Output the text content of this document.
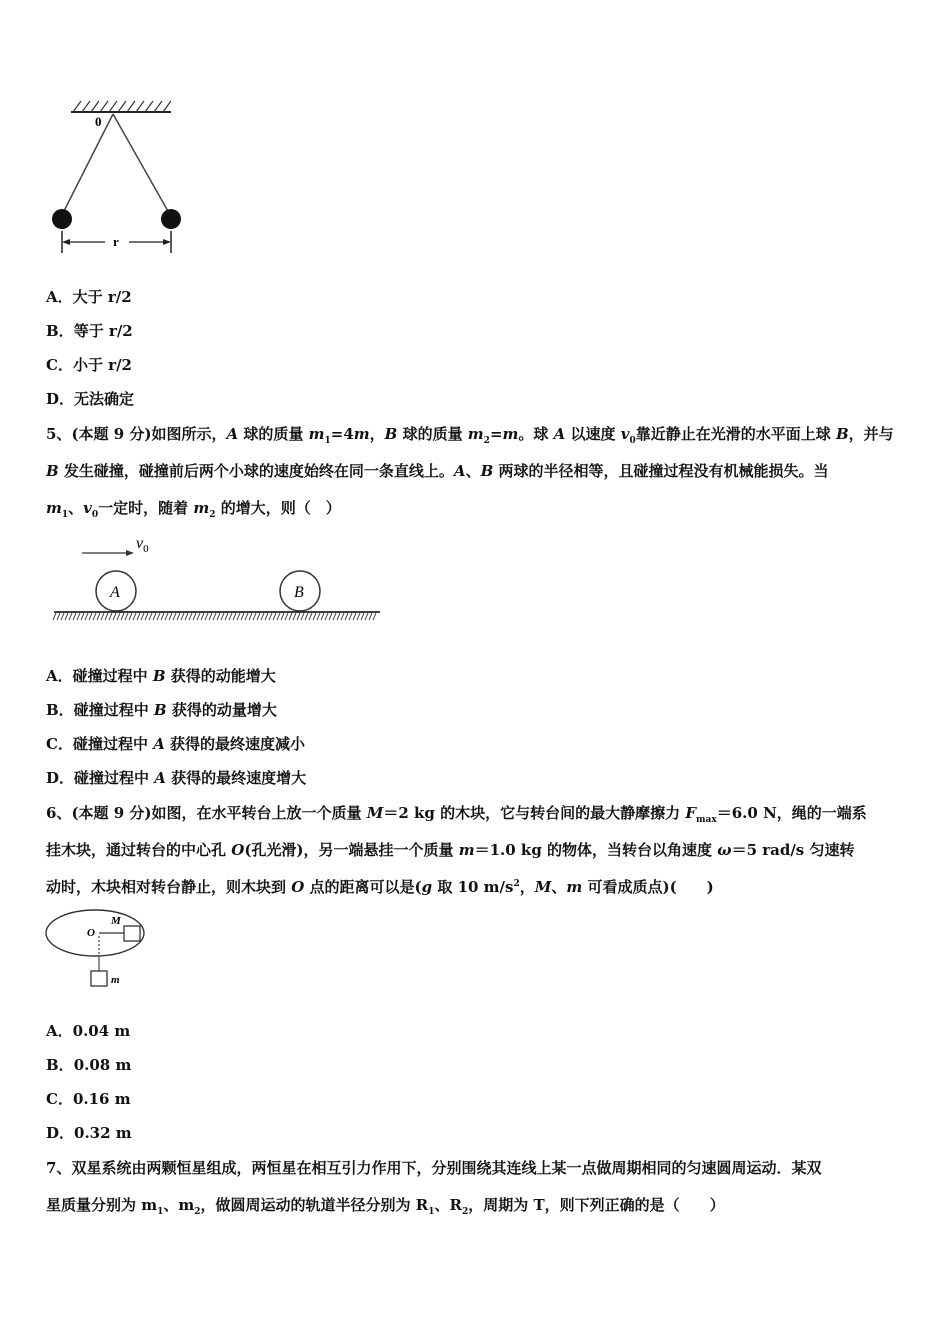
0
r
A．大于 r/2
B．等于 r/2
C．小于 r/2
D．无法确定
5、(本题 9 分)如图所示，A 球的质量 $m_1=4m$，B 球的质量 $m_2=m$。球 A 以速度 $v_0$靠近静止在光滑的水平面上球 B，并与
B 发生碰撞，碰撞前后两个小球的速度始终在同一条直线上。A、B 两球的半径相等，且碰撞过程没有机械能损失。当
$m_1$、$v_0$一定时，随着 $m_2$ 的增大，则（　）
$v_0$
A	B
A．碰撞过程中 B 获得的动能增大
B．碰撞过程中 B 获得的动量增大
C．碰撞过程中 A 获得的最终速度减小
D．碰撞过程中 A 获得的最终速度增大
6、(本题 9 分)如图，在水平转台上放一个质量 M＝2 kg 的木块，它与转台间的最大静摩擦力 $F_{max}=6.0$ N，绳的一端系
挂木块，通过转台的中心孔 O(孔光滑)，另一端悬挂一个质量 m＝1.0 kg 的物体，当转台以角速度 ω＝5 rad/s 匀速转
动时，木块相对转台静止，则木块到 O 点的距离可以是(g 取 10 $m/s^2$，M、m 可看成质点)(　　)
O
M
m
A．0.04 m
B．0.08 m
C．0.16 m
D．0.32 m
7、双星系统由两颗恒星组成，两恒星在相互引力作用下，分别围绕其连线上某一点做周期相同的匀速圆周运动．某双
星质量分别为 $m_1$、$m_2$，做圆周运动的轨道半径分别为 $R_1$、$R_2$，周期为 T，则下列正确的是（　　）
